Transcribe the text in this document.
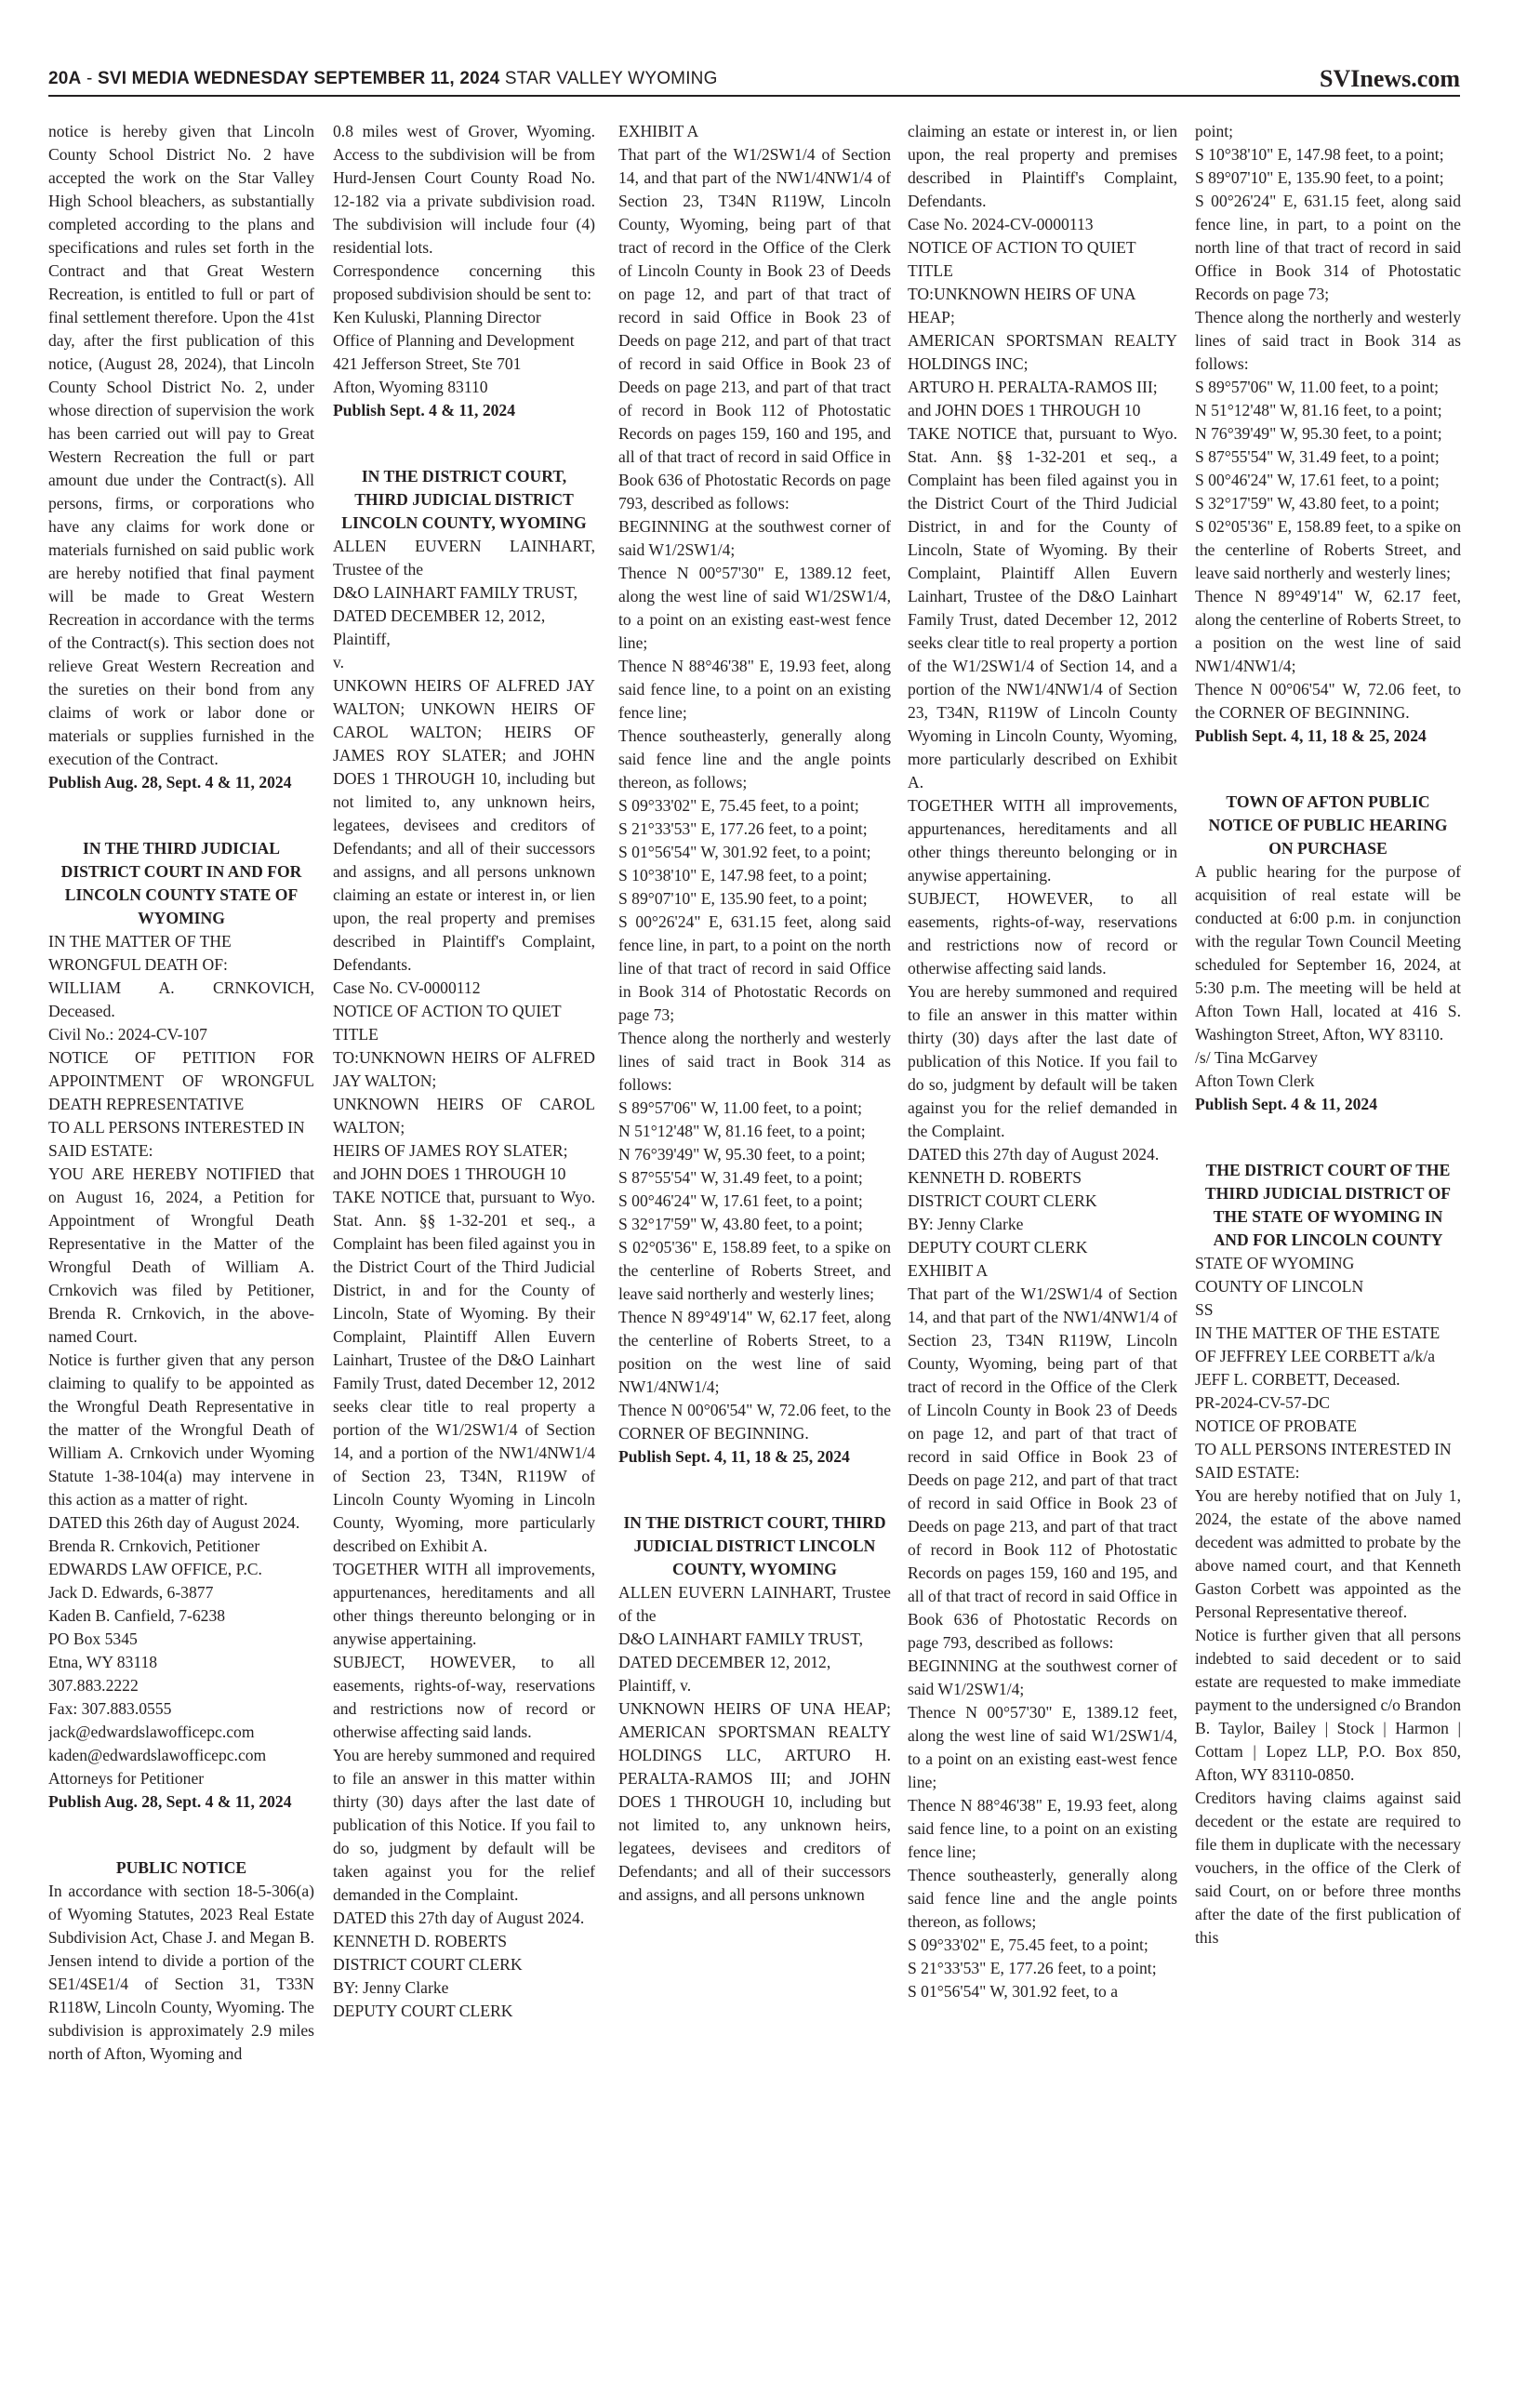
20A - SVI MEDIA WEDNESDAY SEPTEMBER 11, 2024 STAR VALLEY WYOMING	SVInews.com

notice is hereby given that Lincoln County School District No. 2 have accepted the work on the Star Valley High School bleachers, as substantially completed according to the plans and specifications and rules set forth in the Contract and that Great Western Recreation, is entitled to full or part of final settlement therefore. Upon the 41st day, after the first publication of this notice, (August 28, 2024), that Lincoln County School District No. 2, under whose direction of supervision the work has been carried out will pay to Great Western Recreation the full or part amount due under the Contract(s). All persons, firms, or corporations who have any claims for work done or materials furnished on said public work are hereby notified that final payment will be made to Great Western Recreation in accordance with the terms of the Contract(s). This section does not relieve Great Western Recreation and the sureties on their bond from any claims of work or labor done or materials or supplies furnished in the execution of the Contract.

Publish Aug. 28, Sept. 4 & 11, 2024

IN THE THIRD JUDICIAL DISTRICT COURT IN AND FOR LINCOLN COUNTY STATE OF WYOMING

IN THE MATTER OF THE WRONGFUL DEATH OF:

WILLIAM A. CRNKOVICH, Deceased.

Civil No.: 2024-CV-107

NOTICE OF PETITION FOR APPOINTMENT OF WRONGFUL DEATH REPRESENTATIVE

TO ALL PERSONS INTERESTED IN SAID ESTATE:

YOU ARE HEREBY NOTIFIED that on August 16, 2024, a Petition for Appointment of Wrongful Death Representative in the Matter of the Wrongful Death of William A. Crnkovich was filed by Petitioner, Brenda R. Crnkovich, in the above-named Court.

Notice is further given that any person claiming to qualify to be appointed as the Wrongful Death Representative in the matter of the Wrongful Death of William A. Crnkovich under Wyoming Statute 1-38-104(a) may intervene in this action as a matter of right.

DATED this 26th day of August 2024.

Brenda R. Crnkovich, Petitioner

EDWARDS LAW OFFICE, P.C.

Jack D. Edwards, 6-3877

Kaden B. Canfield, 7-6238

PO Box 5345

Etna, WY 83118

307.883.2222

Fax: 307.883.0555

jack@edwardslawofficepc.com

kaden@edwardslawofficepc.com

Attorneys for Petitioner

Publish Aug. 28, Sept. 4 & 11, 2024

PUBLIC NOTICE

In accordance with section 18-5-306(a) of Wyoming Statutes, 2023 Real Estate Subdivision Act, Chase J. and Megan B. Jensen intend to divide a portion of the SE1/4SE1/4 of Section 31, T33N R118W, Lincoln County, Wyoming. The subdivision is approximately 2.9 miles north of Afton, Wyoming and

0.8 miles west of Grover, Wyoming. Access to the subdivision will be from Hurd-Jensen Court County Road No. 12-182 via a private subdivision road. The subdivision will include four (4) residential lots.

Correspondence concerning this proposed subdivision should be sent to:

Ken Kuluski, Planning Director

Office of Planning and Development

421 Jefferson Street, Ste 701

Afton, Wyoming 83110

Publish Sept. 4 & 11, 2024

IN THE DISTRICT COURT, THIRD JUDICIAL DISTRICT LINCOLN COUNTY, WYOMING

ALLEN EUVERN LAINHART, Trustee of the

D&O LAINHART FAMILY TRUST, DATED DECEMBER 12, 2012,

Plaintiff,

v.

UNKOWN HEIRS OF ALFRED JAY WALTON; UNKOWN HEIRS OF CAROL WALTON; HEIRS OF JAMES ROY SLATER; and JOHN DOES 1 THROUGH 10, including but not limited to, any unknown heirs, legatees, devisees and creditors of Defendants; and all of their successors and assigns, and all persons unknown claiming an estate or interest in, or lien upon, the real property and premises described in Plaintiff's Complaint, Defendants.

Case No. CV-0000112

NOTICE OF ACTION TO QUIET TITLE

TO:UNKNOWN HEIRS OF ALFRED JAY WALTON;

UNKNOWN HEIRS OF CAROL WALTON;

HEIRS OF JAMES ROY SLATER;

and JOHN DOES 1 THROUGH 10

TAKE NOTICE that, pursuant to Wyo. Stat. Ann. §§ 1-32-201 et seq., a Complaint has been filed against you in the District Court of the Third Judicial District, in and for the County of Lincoln, State of Wyoming. By their Complaint, Plaintiff Allen Euvern Lainhart, Trustee of the D&O Lainhart Family Trust, dated December 12, 2012 seeks clear title to real property a portion of the W1/2SW1/4 of Section 14, and a portion of the NW1/4NW1/4 of Section 23, T34N, R119W of Lincoln County Wyoming in Lincoln County, Wyoming, more particularly described on Exhibit A.

TOGETHER WITH all improvements, appurtenances, hereditaments and all other things thereunto belonging or in anywise appertaining.

SUBJECT, HOWEVER, to all easements, rights-of-way, reservations and restrictions now of record or otherwise affecting said lands.

You are hereby summoned and required to file an answer in this matter within thirty (30) days after the last date of publication of this Notice. If you fail to do so, judgment by default will be taken against you for the relief demanded in the Complaint.

DATED this 27th day of August 2024.

KENNETH D. ROBERTS

DISTRICT COURT CLERK

BY: Jenny Clarke

DEPUTY COURT CLERK

EXHIBIT A

That part of the W1/2SW1/4 of Section 14, and that part of the NW1/4NW1/4 of Section 23, T34N R119W, Lincoln County, Wyoming, being part of that tract of record in the Office of the Clerk of Lincoln County in Book 23 of Deeds on page 12, and part of that tract of record in said Office in Book 23 of Deeds on page 212, and part of that tract of record in said Office in Book 23 of Deeds on page 213, and part of that tract of record in Book 112 of Photostatic Records on pages 159, 160 and 195, and all of that tract of record in said Office in Book 636 of Photostatic Records on page 793, described as follows:

BEGINNING at the southwest corner of said W1/2SW1/4;

Thence N 00°57'30" E, 1389.12 feet, along the west line of said W1/2SW1/4, to a point on an existing east-west fence line;

Thence N 88°46'38" E, 19.93 feet, along said fence line, to a point on an existing fence line;

Thence southeasterly, generally along said fence line and the angle points thereon, as follows;

S 09°33'02" E, 75.45 feet, to a point;

S 21°33'53" E, 177.26 feet, to a point;

S 01°56'54" W, 301.92 feet, to a point;

S 10°38'10" E, 147.98 feet, to a point;

S 89°07'10" E, 135.90 feet, to a point;

S 00°26'24" E, 631.15 feet, along said fence line, in part, to a point on the north line of that tract of record in said Office in Book 314 of Photostatic Records on page 73;

Thence along the northerly and westerly lines of said tract in Book 314 as follows:

S 89°57'06" W, 11.00 feet, to a point;

N 51°12'48" W, 81.16 feet, to a point;

N 76°39'49" W, 95.30 feet, to a point;

S 87°55'54" W, 31.49 feet, to a point;

S 00°46'24" W, 17.61 feet, to a point;

S 32°17'59" W, 43.80 feet, to a point;

S 02°05'36" E, 158.89 feet, to a spike on the centerline of Roberts Street, and leave said northerly and westerly lines;

Thence N 89°49'14" W, 62.17 feet, along the centerline of Roberts Street, to a position on the west line of said NW1/4NW1/4;

Thence N 00°06'54" W, 72.06 feet, to the CORNER OF BEGINNING.

Publish Sept. 4, 11, 18 & 25, 2024

IN THE DISTRICT COURT, THIRD JUDICIAL DISTRICT LINCOLN COUNTY, WYOMING

ALLEN EUVERN LAINHART, Trustee of the

D&O LAINHART FAMILY TRUST, DATED DECEMBER 12, 2012,

Plaintiff, v.

UNKNOWN HEIRS OF UNA HEAP; AMERICAN SPORTSMAN REALTY HOLDINGS LLC, ARTURO H. PERALTA-RAMOS III; and JOHN DOES 1 THROUGH 10, including but not limited to, any unknown heirs, legatees, devisees and creditors of Defendants; and all of their successors and assigns, and all persons unknown

claiming an estate or interest in, or lien upon, the real property and premises described in Plaintiff's Complaint, Defendants.

Case No. 2024-CV-0000113

NOTICE OF ACTION TO QUIET TITLE

TO:UNKNOWN HEIRS OF UNA HEAP;

AMERICAN SPORTSMAN REALTY HOLDINGS INC;

ARTURO H. PERALTA-RAMOS III;

and JOHN DOES 1 THROUGH 10

TAKE NOTICE that, pursuant to Wyo. Stat. Ann. §§ 1-32-201 et seq., a Complaint has been filed against you in the District Court of the Third Judicial District, in and for the County of Lincoln, State of Wyoming. By their Complaint, Plaintiff Allen Euvern Lainhart, Trustee of the D&O Lainhart Family Trust, dated December 12, 2012 seeks clear title to real property a portion of the W1/2SW1/4 of Section 14, and a portion of the NW1/4NW1/4 of Section 23, T34N, R119W of Lincoln County Wyoming in Lincoln County, Wyoming, more particularly described on Exhibit A.

TOGETHER WITH all improvements, appurtenances, hereditaments and all other things thereunto belonging or in anywise appertaining.

SUBJECT, HOWEVER, to all easements, rights-of-way, reservations and restrictions now of record or otherwise affecting said lands.

You are hereby summoned and required to file an answer in this matter within thirty (30) days after the last date of publication of this Notice. If you fail to do so, judgment by default will be taken against you for the relief demanded in the Complaint.

DATED this 27th day of August 2024.

KENNETH D. ROBERTS

DISTRICT COURT CLERK

BY: Jenny Clarke

DEPUTY COURT CLERK

EXHIBIT A

That part of the W1/2SW1/4 of Section 14, and that part of the NW1/4NW1/4 of Section 23, T34N R119W, Lincoln County, Wyoming, being part of that tract of record in the Office of the Clerk of Lincoln County in Book 23 of Deeds on page 12, and part of that tract of record in said Office in Book 23 of Deeds on page 212, and part of that tract of record in said Office in Book 23 of Deeds on page 213, and part of that tract of record in Book 112 of Photostatic Records on pages 159, 160 and 195, and all of that tract of record in said Office in Book 636 of Photostatic Records on page 793, described as follows:

BEGINNING at the southwest corner of said W1/2SW1/4;

Thence N 00°57'30" E, 1389.12 feet, along the west line of said W1/2SW1/4, to a point on an existing east-west fence line;

Thence N 88°46'38" E, 19.93 feet, along said fence line, to a point on an existing fence line;

Thence southeasterly, generally along said fence line and the angle points thereon, as follows;

S 09°33'02" E, 75.45 feet, to a point;

S 21°33'53" E, 177.26 feet, to a point;

S 01°56'54" W, 301.92 feet, to a

point;

S 10°38'10" E, 147.98 feet, to a point;

S 89°07'10" E, 135.90 feet, to a point;

S 00°26'24" E, 631.15 feet, along said fence line, in part, to a point on the north line of that tract of record in said Office in Book 314 of Photostatic Records on page 73;

Thence along the northerly and westerly lines of said tract in Book 314 as follows:

S 89°57'06" W, 11.00 feet, to a point;

N 51°12'48" W, 81.16 feet, to a point;

N 76°39'49" W, 95.30 feet, to a point;

S 87°55'54" W, 31.49 feet, to a point;

S 00°46'24" W, 17.61 feet, to a point;

S 32°17'59" W, 43.80 feet, to a point;

S 02°05'36" E, 158.89 feet, to a spike on the centerline of Roberts Street, and leave said northerly and westerly lines;

Thence N 89°49'14" W, 62.17 feet, along the centerline of Roberts Street, to a position on the west line of said NW1/4NW1/4;

Thence N 00°06'54" W, 72.06 feet, to the CORNER OF BEGINNING.

Publish Sept. 4, 11, 18 & 25, 2024

TOWN OF AFTON PUBLIC NOTICE OF PUBLIC HEARING ON PURCHASE

A public hearing for the purpose of acquisition of real estate will be conducted at 6:00 p.m. in conjunction with the regular Town Council Meeting scheduled for September 16, 2024, at 5:30 p.m. The meeting will be held at Afton Town Hall, located at 416 S. Washington Street, Afton, WY 83110.

/s/ Tina McGarvey

Afton Town Clerk

Publish Sept. 4 & 11, 2024

THE DISTRICT COURT OF THE THIRD JUDICIAL DISTRICT OF THE STATE OF WYOMING IN AND FOR LINCOLN COUNTY

STATE OF WYOMING

COUNTY OF LINCOLN

SS

IN THE MATTER OF THE ESTATE OF JEFFREY LEE CORBETT a/k/a JEFF L. CORBETT, Deceased.

PR-2024-CV-57-DC

NOTICE OF PROBATE

TO ALL PERSONS INTERESTED IN SAID ESTATE:

You are hereby notified that on July 1, 2024, the estate of the above named decedent was admitted to probate by the above named court, and that Kenneth Gaston Corbett was appointed as the Personal Representative thereof.

Notice is further given that all persons indebted to said decedent or to said estate are requested to make immediate payment to the undersigned c/o Brandon B. Taylor, Bailey | Stock | Harmon | Cottam | Lopez LLP, P.O. Box 850, Afton, WY 83110-0850.

Creditors having claims against said decedent or the estate are required to file them in duplicate with the necessary vouchers, in the office of the Clerk of said Court, on or before three months after the date of the first publication of this
